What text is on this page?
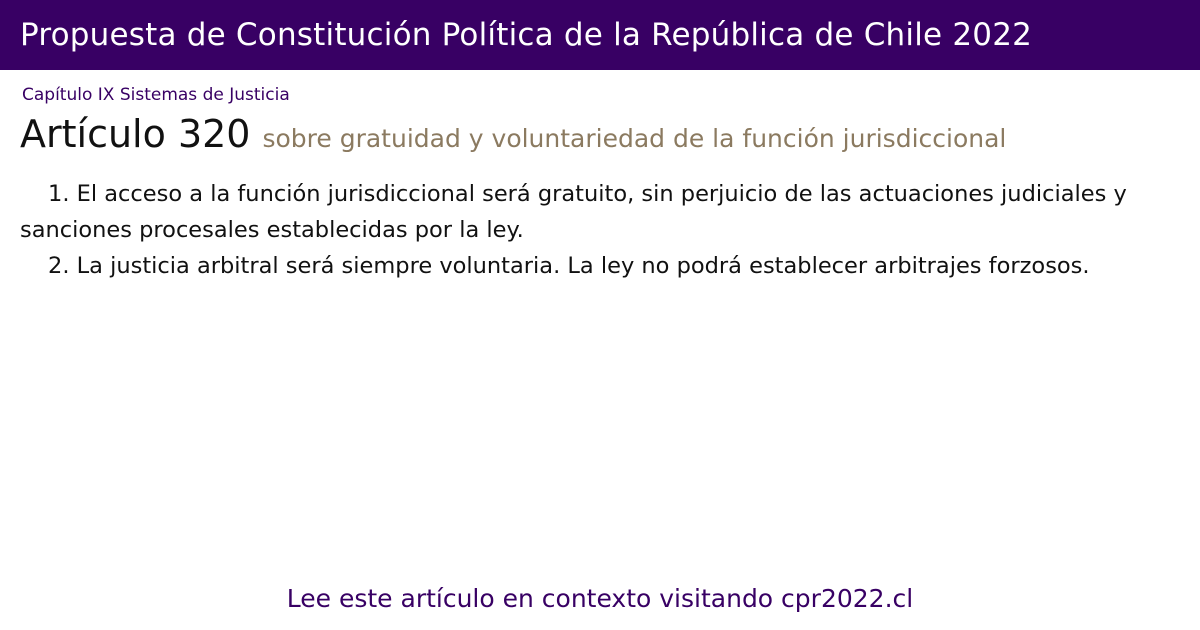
Propuesta de Constitución Política de la República de Chile 2022
Capítulo IX Sistemas de Justicia
Artículo 320 sobre gratuidad y voluntariedad de la función jurisdiccional

1. El acceso a la función jurisdiccional será gratuito, sin perjuicio de las actuaciones judiciales y sanciones procesales establecidas por la ley.

2. La justicia arbitral será siempre voluntaria. La ley no podrá establecer arbitrajes forzosos.

Lee este artículo en contexto visitando cpr2022.cl
